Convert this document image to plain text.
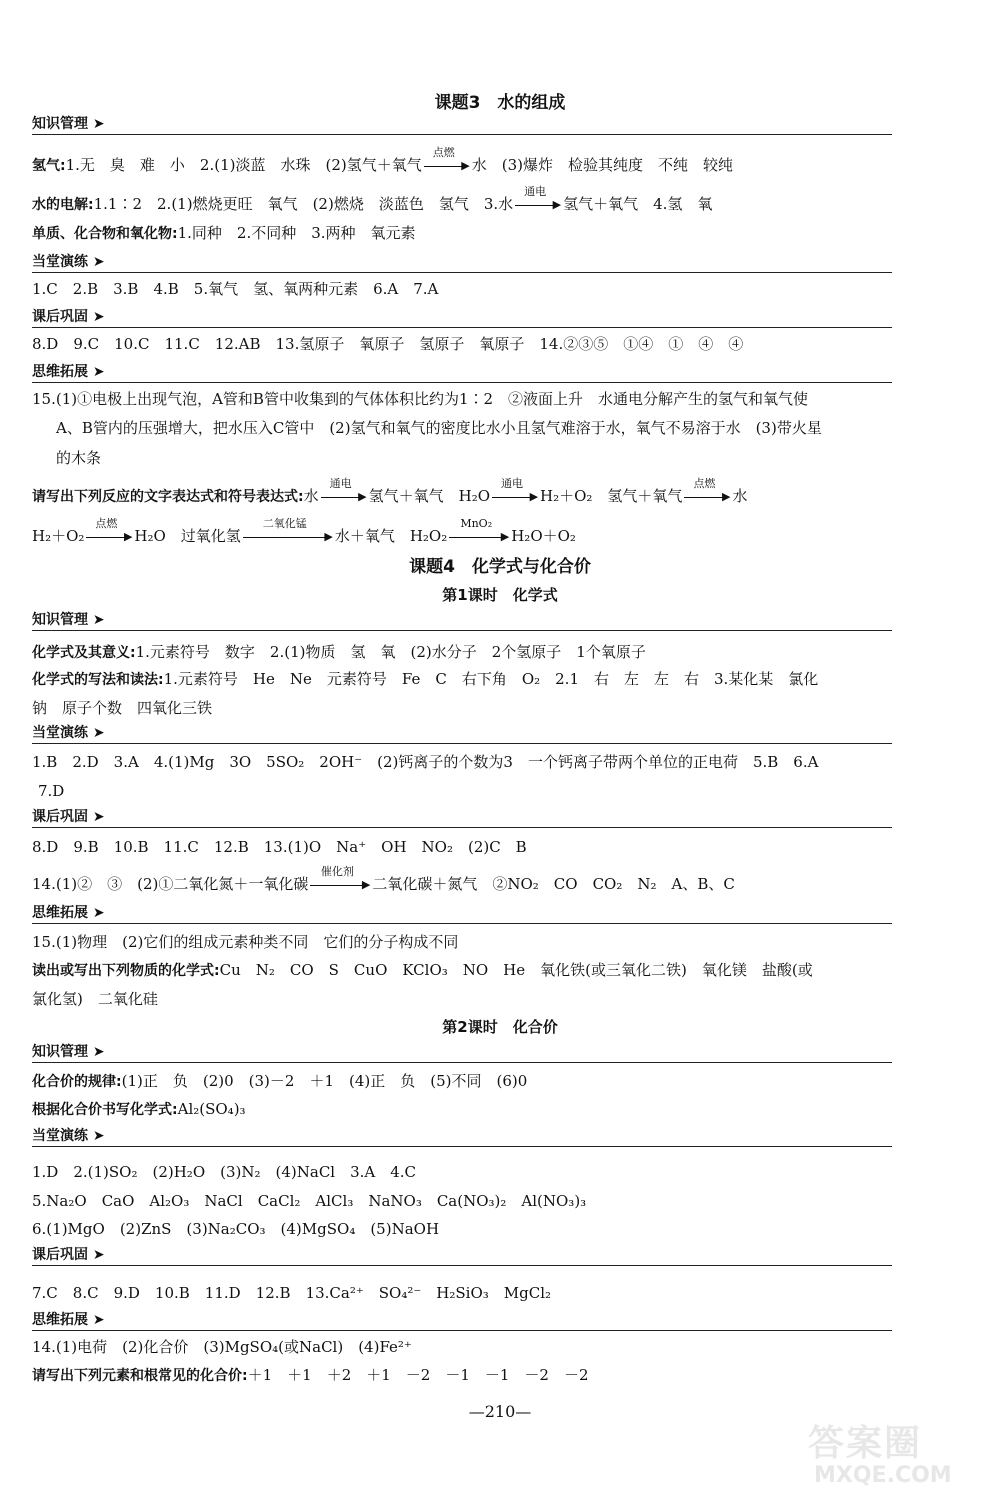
课题3　水的组成
知识管理 ➤
氢气:1.无　臭　难　小　2.(1)淡蓝　水珠　(2)氢气＋氧气
点燃
▶ 水　(3)爆炸　检验其纯度　不纯　较纯
水的电解:1.1∶2　2.(1)燃烧更旺　氧气　(2)燃烧　淡蓝色　氢气　3.水
通电
▶ 氢气＋氧气　4.氢　氧
单质、化合物和氧化物:1.同种　2.不同种　3.两种　氧元素
当堂演练 ➤
1.C　2.B　3.B　4.B　5.氧气　氢、氧两种元素　6.A　7.A
课后巩固 ➤
8.D　9.C　10.C　11.C　12.AB　13.氢原子　氧原子　氢原子　氧原子　14.②③⑤　①④　①　④　④
思维拓展 ➤
15.(1)①电极上出现气泡，A管和B管中收集到的气体体积比约为1∶2　②液面上升　水通电分解产生的氢气和氧气使
A、B管内的压强增大，把水压入C管中　(2)氢气和氧气的密度比水小且氢气难溶于水，氧气不易溶于水　(3)带火星
的木条
请写出下列反应的文字表达式和符号表达式:水
通电
▶ 氢气＋氧气　H₂O
通电
▶ H₂＋O₂　氢气＋氧气
点燃
▶ 水
H₂＋O₂
点燃
▶ H₂O　过氧化氢
二氧化锰
▶ 水＋氧气　H₂O₂
MnO₂
▶ H₂O＋O₂
课题4　化学式与化合价
第1课时　化学式
知识管理 ➤
化学式及其意义:1.元素符号　数字　2.(1)物质　氢　氧　(2)水分子　2个氢原子　1个氧原子
化学式的写法和读法:1.元素符号　He　Ne　元素符号　Fe　C　右下角　O₂　2.1　右　左　左　右　3.某化某　氯化
钠　原子个数　四氧化三铁
当堂演练 ➤
1.B　2.D　3.A　4.(1)Mg　3O　5SO₂　2OH⁻　(2)钙离子的个数为3　一个钙离子带两个单位的正电荷　5.B　6.A
7.D
课后巩固 ➤
8.D　9.B　10.B　11.C　12.B　13.(1)O　Na⁺　OH　NO₂　(2)C　B
14.(1)②　③　(2)①二氧化氮＋一氧化碳
催化剂
▶ 二氧化碳＋氮气　②NO₂　CO　CO₂　N₂　A、B、C
思维拓展 ➤
15.(1)物理　(2)它们的组成元素种类不同　它们的分子构成不同
读出或写出下列物质的化学式:Cu　N₂　CO　S　CuO　KClO₃　NO　He　氧化铁(或三氧化二铁)　氧化镁　盐酸(或
氯化氢)　二氧化硅
第2课时　化合价
知识管理 ➤
化合价的规律:(1)正　负　(2)0　(3)－2　＋1　(4)正　负　(5)不同　(6)0
根据化合价书写化学式:Al₂(SO₄)₃
当堂演练 ➤
1.D　2.(1)SO₂　(2)H₂O　(3)N₂　(4)NaCl　3.A　4.C
5.Na₂O　CaO　Al₂O₃　NaCl　CaCl₂　AlCl₃　NaNO₃　Ca(NO₃)₂　Al(NO₃)₃
6.(1)MgO　(2)ZnS　(3)Na₂CO₃　(4)MgSO₄　(5)NaOH
课后巩固 ➤
7.C　8.C　9.D　10.B　11.D　12.B　13.Ca²⁺　SO₄²⁻　H₂SiO₃　MgCl₂
思维拓展 ➤
14.(1)电荷　(2)化合价　(3)MgSO₄(或NaCl)　(4)Fe²⁺
请写出下列元素和根常见的化合价:＋1　＋1　＋2　＋1　－2　－1　－1　－2　－2
—210—
答案圈
MXQE.COM
